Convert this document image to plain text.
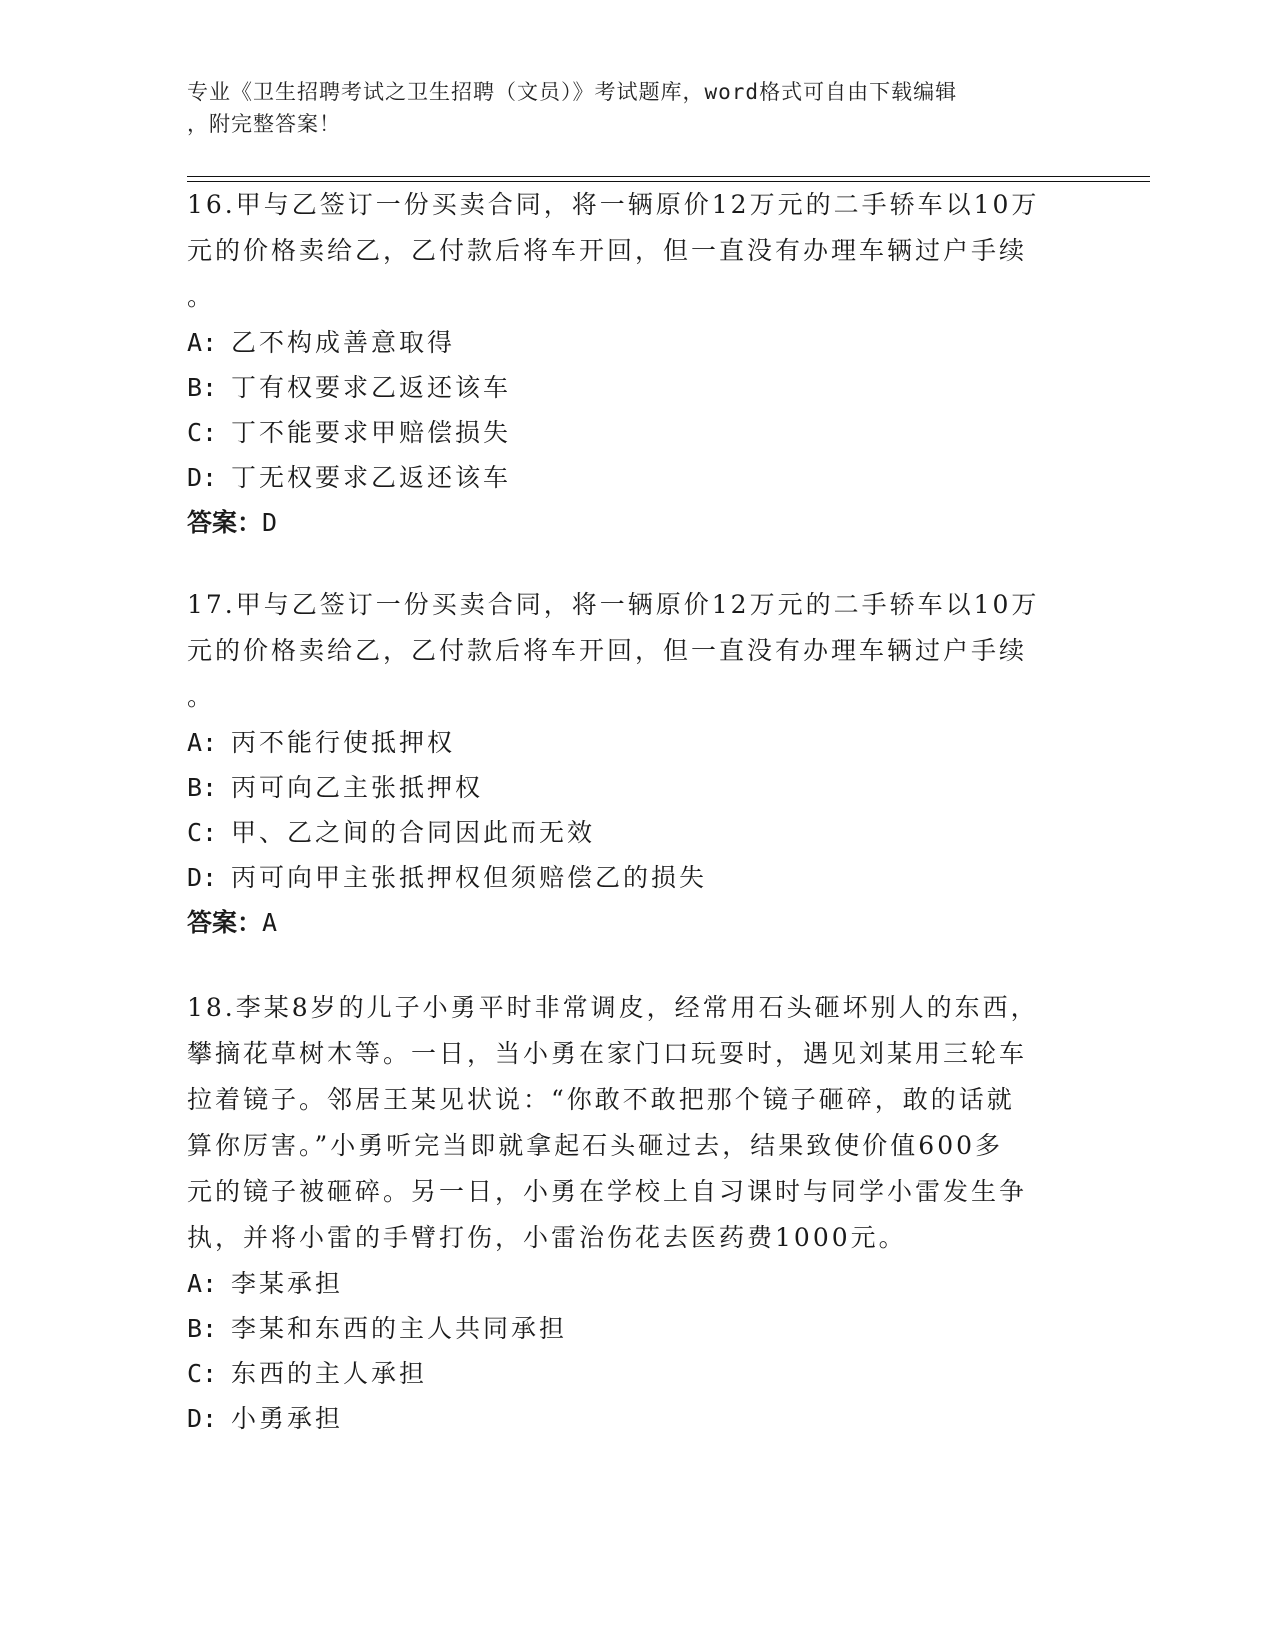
专业《卫生招聘考试之卫生招聘（文员）》考试题库，word格式可自由下载编辑
，附完整答案！
16.甲与乙签订一份买卖合同，将一辆原价12万元的二手轿车以10万
元的价格卖给乙，乙付款后将车开回，但一直没有办理车辆过户手续
。
A: 乙不构成善意取得
B: 丁有权要求乙返还该车
C: 丁不能要求甲赔偿损失
D: 丁无权要求乙返还该车
答案：D
17.甲与乙签订一份买卖合同，将一辆原价12万元的二手轿车以10万
元的价格卖给乙，乙付款后将车开回，但一直没有办理车辆过户手续
。
A: 丙不能行使抵押权
B: 丙可向乙主张抵押权
C: 甲、乙之间的合同因此而无效
D: 丙可向甲主张抵押权但须赔偿乙的损失
答案：A
18.李某8岁的儿子小勇平时非常调皮，经常用石头砸坏别人的东西，
攀摘花草树木等。一日，当小勇在家门口玩耍时，遇见刘某用三轮车
拉着镜子。邻居王某见状说：“你敢不敢把那个镜子砸碎，敢的话就
算你厉害。”小勇听完当即就拿起石头砸过去，结果致使价值600多
元的镜子被砸碎。另一日，小勇在学校上自习课时与同学小雷发生争
执，并将小雷的手臂打伤，小雷治伤花去医药费1000元。
A: 李某承担
B: 李某和东西的主人共同承担
C: 东西的主人承担
D: 小勇承担
